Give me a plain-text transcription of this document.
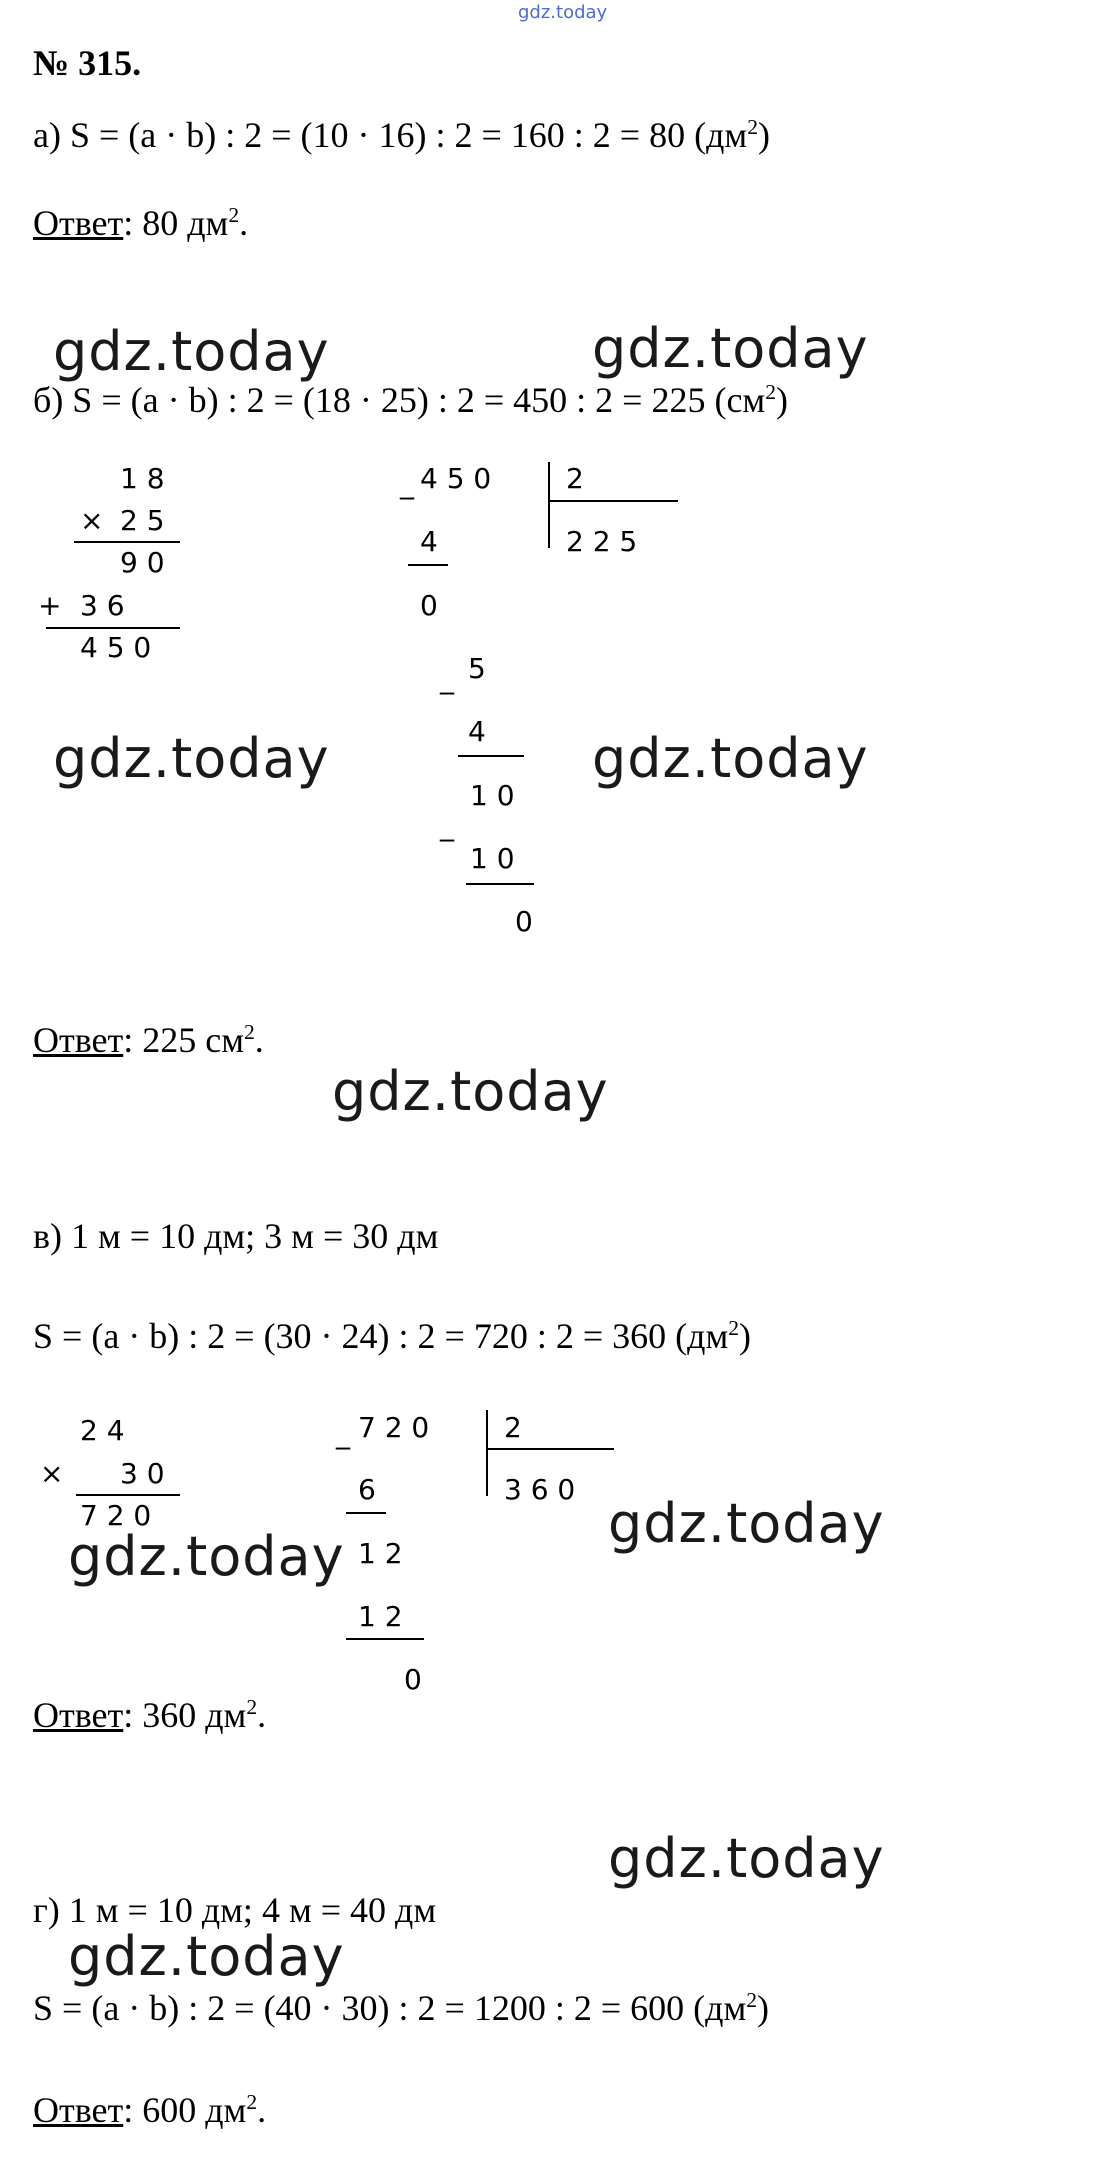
gdz.today
№ 315.
а) S = (a · b) : 2 = (10 · 16) : 2 = 160 : 2 = 80 $(дм^2)$
Ответ: 80 $дм^2$.
gdz.today	gdz.today
б) S = (a · b) : 2 = (18 · 25) : 2 = 450 : 2 = 225 $(см^2)$
1 8
× 2 5
9 0
+ 3 6
4 5 0
_ 4 5 0	2
2 2 5
4
0
_ 5
4
1 0
_
1 0
0
gdz.today	gdz.today
Ответ: 225 $см^2$.
gdz.today
в) 1 м = 10 дм; 3 м = 30 дм
S = (a · b) : 2 = (30 · 24) : 2 = 720 : 2 = 360 $(дм^2)$
2 4
× 3 0
7 2 0
_ 7 2 0	2
3 6 0
6
1 2
1 2
0
gdz.today
gdz.today
Ответ: 360 $дм^2$.
gdz.today
г) 1 м = 10 дм; 4 м = 40 дм
gdz.today
S = (a · b) : 2 = (40 · 30) : 2 = 1200 : 2 = 600 $(дм^2)$
Ответ: 600 $дм^2$.
